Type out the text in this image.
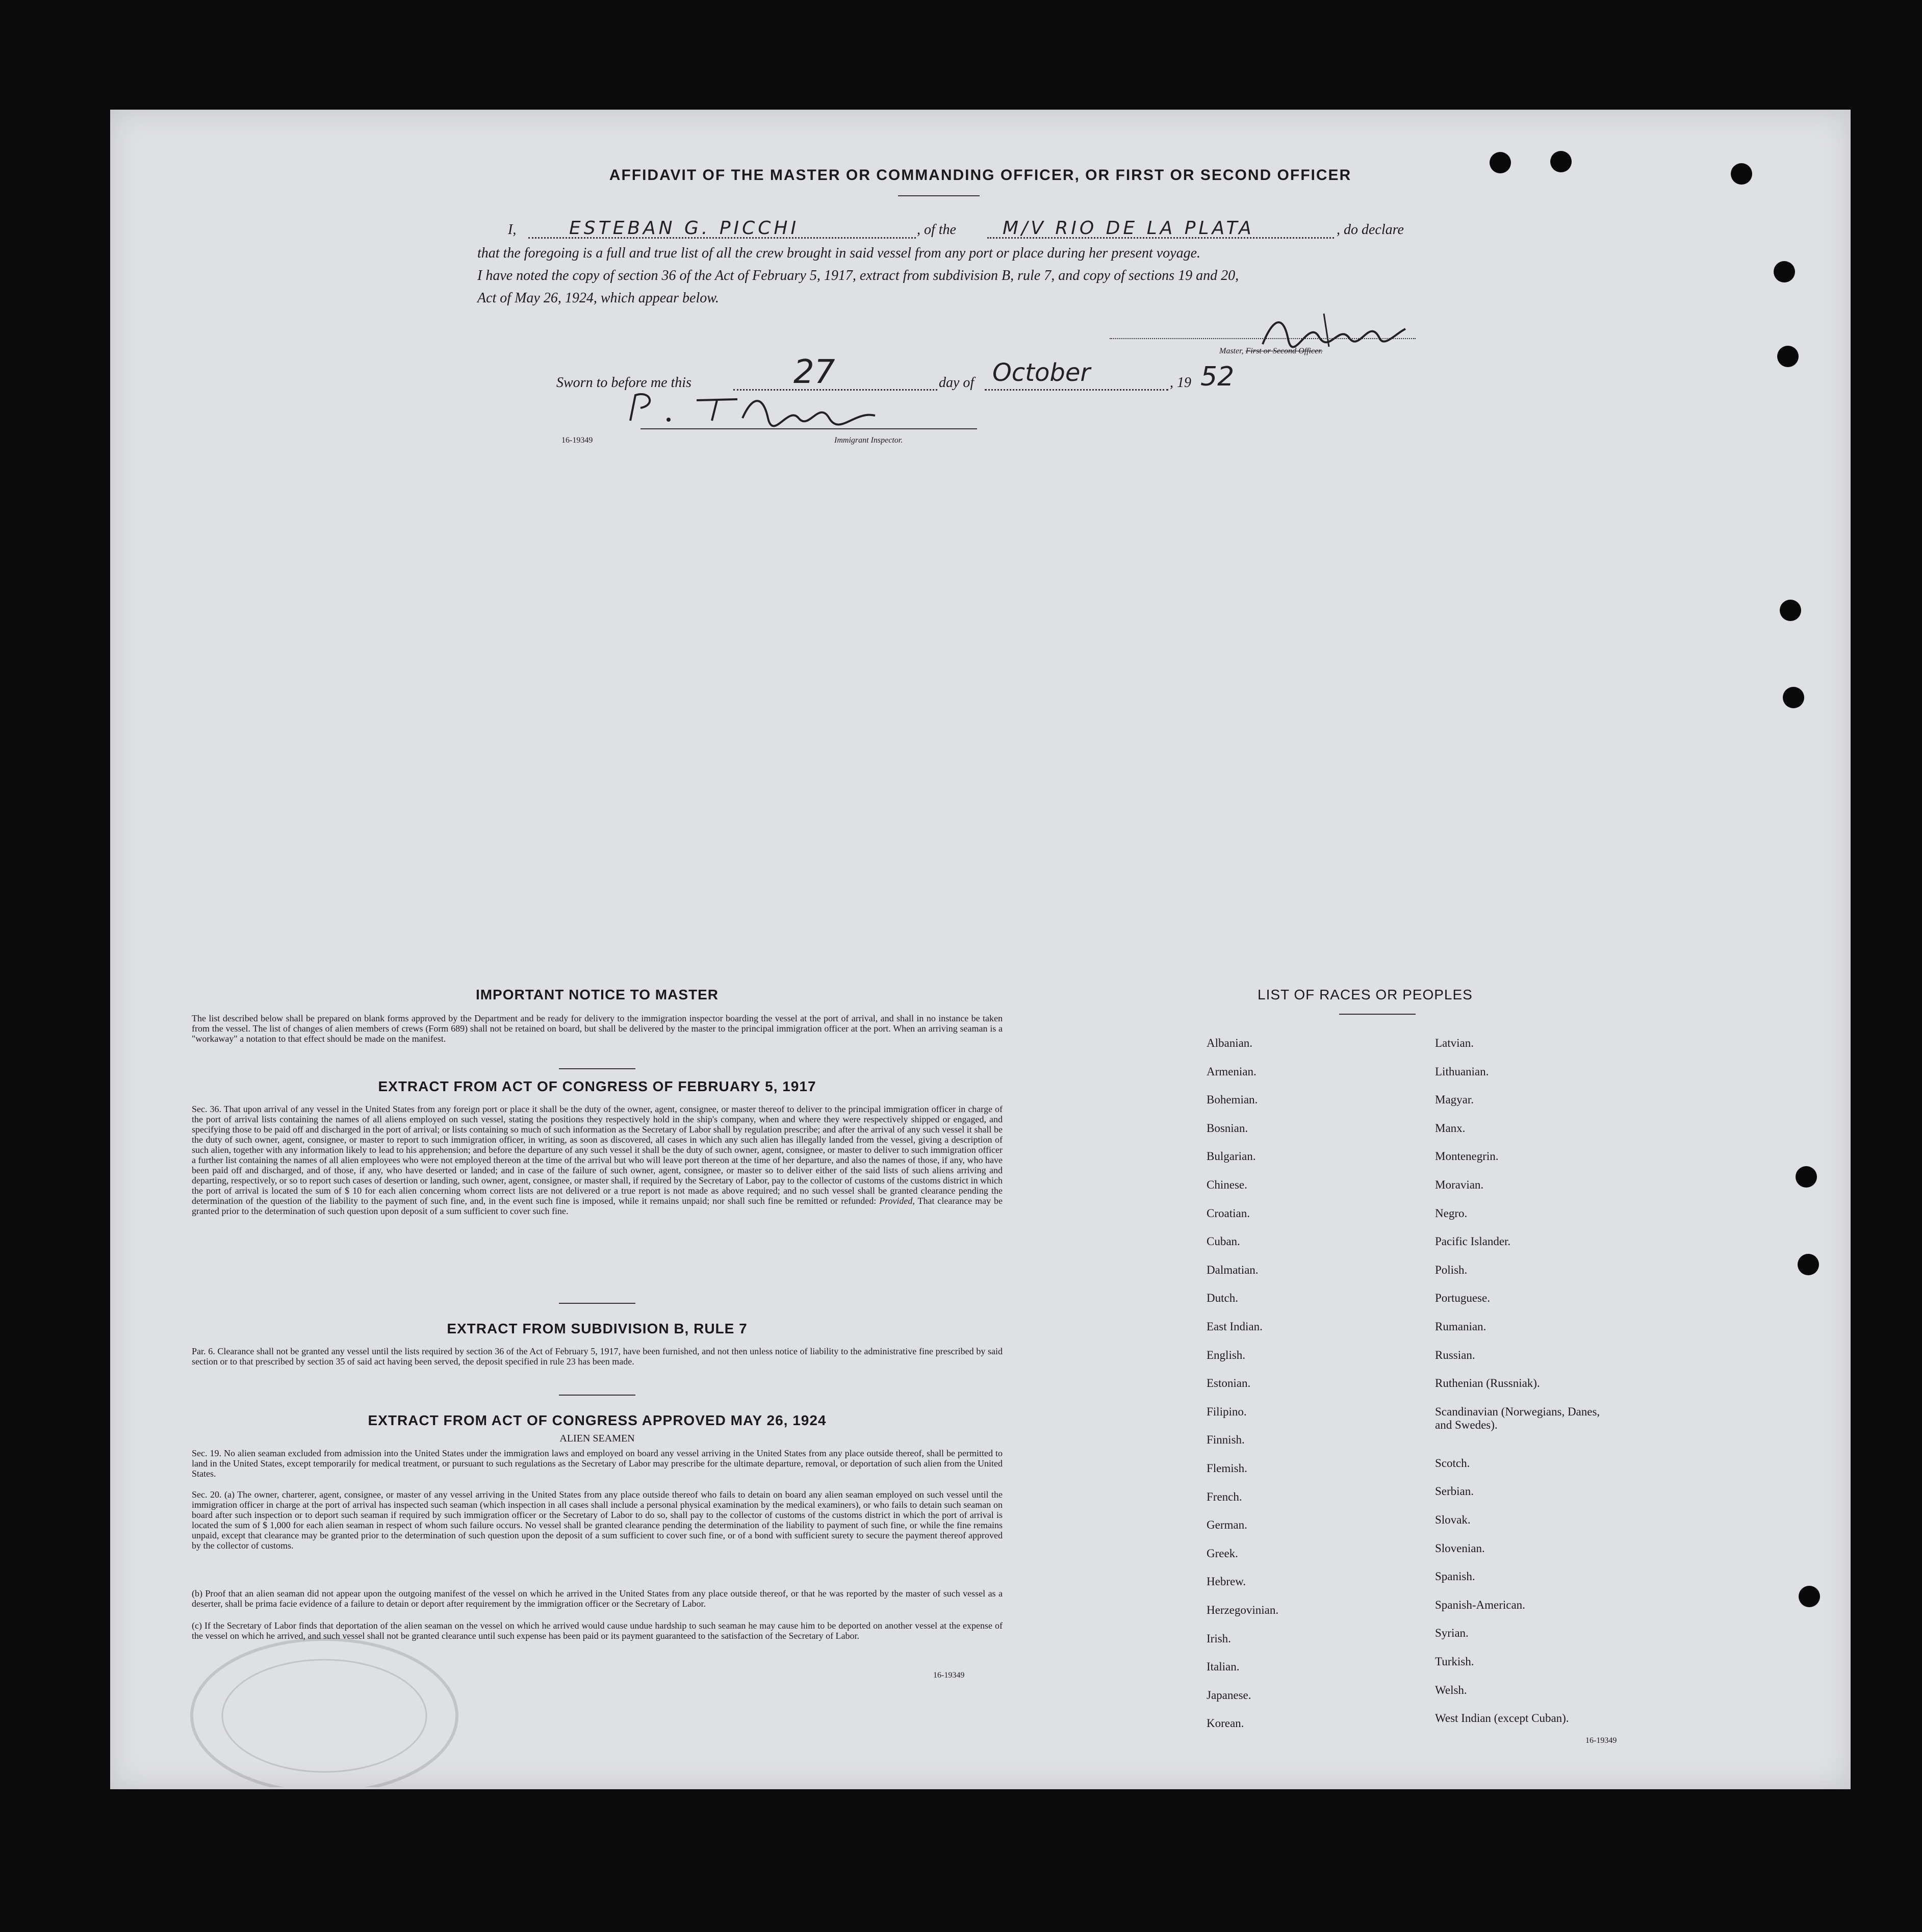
AFFIDAVIT OF THE MASTER OR COMMANDING OFFICER, OR FIRST OR SECOND OFFICER
I,	ESTEBAN G. PICCHI	, of the	M/V RIO DE LA PLATA	, do declare
that the foregoing is a full and true list of all the crew brought in said vessel from any port or place during her present voyage.
I have noted the copy of section 36 of the Act of February 5, 1917, extract from subdivision B, rule 7, and copy of sections 19 and 20,
Act of May 26, 1924, which appear below.
Master, First or Second Officer.
Sworn to before me this	27	day of October	, 19 52
16-19349	Immigrant Inspector.
IMPORTANT NOTICE TO MASTER
The list described below shall be prepared on blank forms approved by the Department and be ready for delivery to the immigration inspector boarding the vessel at the port of arrival, and shall in no instance be taken from the vessel. The list of changes of alien members of crews (Form 689) shall not be retained on board, but shall be delivered by the master to the principal immigration officer at the port. When an arriving seaman is a "workaway" a notation to that effect should be made on the manifest.
EXTRACT FROM ACT OF CONGRESS OF FEBRUARY 5, 1917
Sec. 36. That upon arrival of any vessel in the United States from any foreign port or place it shall be the duty of the owner, agent, consignee, or master thereof to deliver to the principal immigration officer in charge of the port of arrival lists containing the names of all aliens employed on such vessel, stating the positions they respectively hold in the ship's company, when and where they were respectively shipped or engaged, and specifying those to be paid off and discharged in the port of arrival; or lists containing so much of such information as the Secretary of Labor shall by regulation prescribe; and after the arrival of any such vessel it shall be the duty of such owner, agent, consignee, or master to report to such immigration officer, in writing, as soon as discovered, all cases in which any such alien has illegally landed from the vessel, giving a description of such alien, together with any information likely to lead to his apprehension; and before the departure of any such vessel it shall be the duty of such owner, agent, consignee, or master to deliver to such immigration officer a further list containing the names of all alien employees who were not employed thereon at the time of the arrival but who will leave port thereon at the time of her departure, and also the names of those, if any, who have been paid off and discharged, and of those, if any, who have deserted or landed; and in case of the failure of such owner, agent, consignee, or master so to deliver either of the said lists of such aliens arriving and departing, respectively, or so to report such cases of desertion or landing, such owner, agent, consignee, or master shall, if required by the Secretary of Labor, pay to the collector of customs of the customs district in which the port of arrival is located the sum of $ 10 for each alien concerning whom correct lists are not delivered or a true report is not made as above required; and no such vessel shall be granted clearance pending the determination of the question of the liability to the payment of such fine, and, in the event such fine is imposed, while it remains unpaid; nor shall such fine be remitted or refunded: Provided, That clearance may be granted prior to the determination of such question upon deposit of a sum sufficient to cover such fine.
EXTRACT FROM SUBDIVISION B, RULE 7
Par. 6. Clearance shall not be granted any vessel until the lists required by section 36 of the Act of February 5, 1917, have been furnished, and not then unless notice of liability to the administrative fine prescribed by said section or to that prescribed by section 35 of said act having been served, the deposit specified in rule 23 has been made.
EXTRACT FROM ACT OF CONGRESS APPROVED MAY 26, 1924
ALIEN SEAMEN
Sec. 19. No alien seaman excluded from admission into the United States under the immigration laws and employed on board any vessel arriving in the United States from any place outside thereof, shall be permitted to land in the United States, except temporarily for medical treatment, or pursuant to such regulations as the Secretary of Labor may prescribe for the ultimate departure, removal, or deportation of such alien from the United States.
Sec. 20. (a) The owner, charterer, agent, consignee, or master of any vessel arriving in the United States from any place outside thereof who fails to detain on board any alien seaman employed on such vessel until the immigration officer in charge at the port of arrival has inspected such seaman (which inspection in all cases shall include a personal physical examination by the medical examiners), or who fails to detain such seaman on board after such inspection or to deport such seaman if required by such immigration officer or the Secretary of Labor to do so, shall pay to the collector of customs of the customs district in which the port of arrival is located the sum of $ 1,000 for each alien seaman in respect of whom such failure occurs. No vessel shall be granted clearance pending the determination of the liability to payment of such fine, or while the fine remains unpaid, except that clearance may be granted prior to the determination of such question upon the deposit of a sum sufficient to cover such fine, or of a bond with sufficient surety to secure the payment thereof approved by the collector of customs.
(b) Proof that an alien seaman did not appear upon the outgoing manifest of the vessel on which he arrived in the United States from any place outside thereof, or that he was reported by the master of such vessel as a deserter, shall be prima facie evidence of a failure to detain or deport after requirement by the immigration officer or the Secretary of Labor.
(c) If the Secretary of Labor finds that deportation of the alien seaman on the vessel on which he arrived would cause undue hardship to such seaman he may cause him to be deported on another vessel at the expense of the vessel on which he arrived, and such vessel shall not be granted clearance until such expense has been paid or its payment guaranteed to the satisfaction of the Secretary of Labor.
16-19349
LIST OF RACES OR PEOPLES
Albanian.
Armenian.
Bohemian.
Bosnian.
Bulgarian.
Chinese.
Croatian.
Cuban.
Dalmatian.
Dutch.
East Indian.
English.
Estonian.
Filipino.
Finnish.
Flemish.
French.
German.
Greek.
Hebrew.
Herzegovinian.
Irish.
Italian.
Japanese.
Korean.
Latvian.
Lithuanian.
Magyar.
Manx.
Montenegrin.
Moravian.
Negro.
Pacific Islander.
Polish.
Portuguese.
Rumanian.
Russian.
Ruthenian (Russniak).
Scandinavian (Norwegians, Danes, and Swedes).
Scotch.
Serbian.
Slovak.
Slovenian.
Spanish.
Spanish-American.
Syrian.
Turkish.
Welsh.
West Indian (except Cuban).
16-19349
